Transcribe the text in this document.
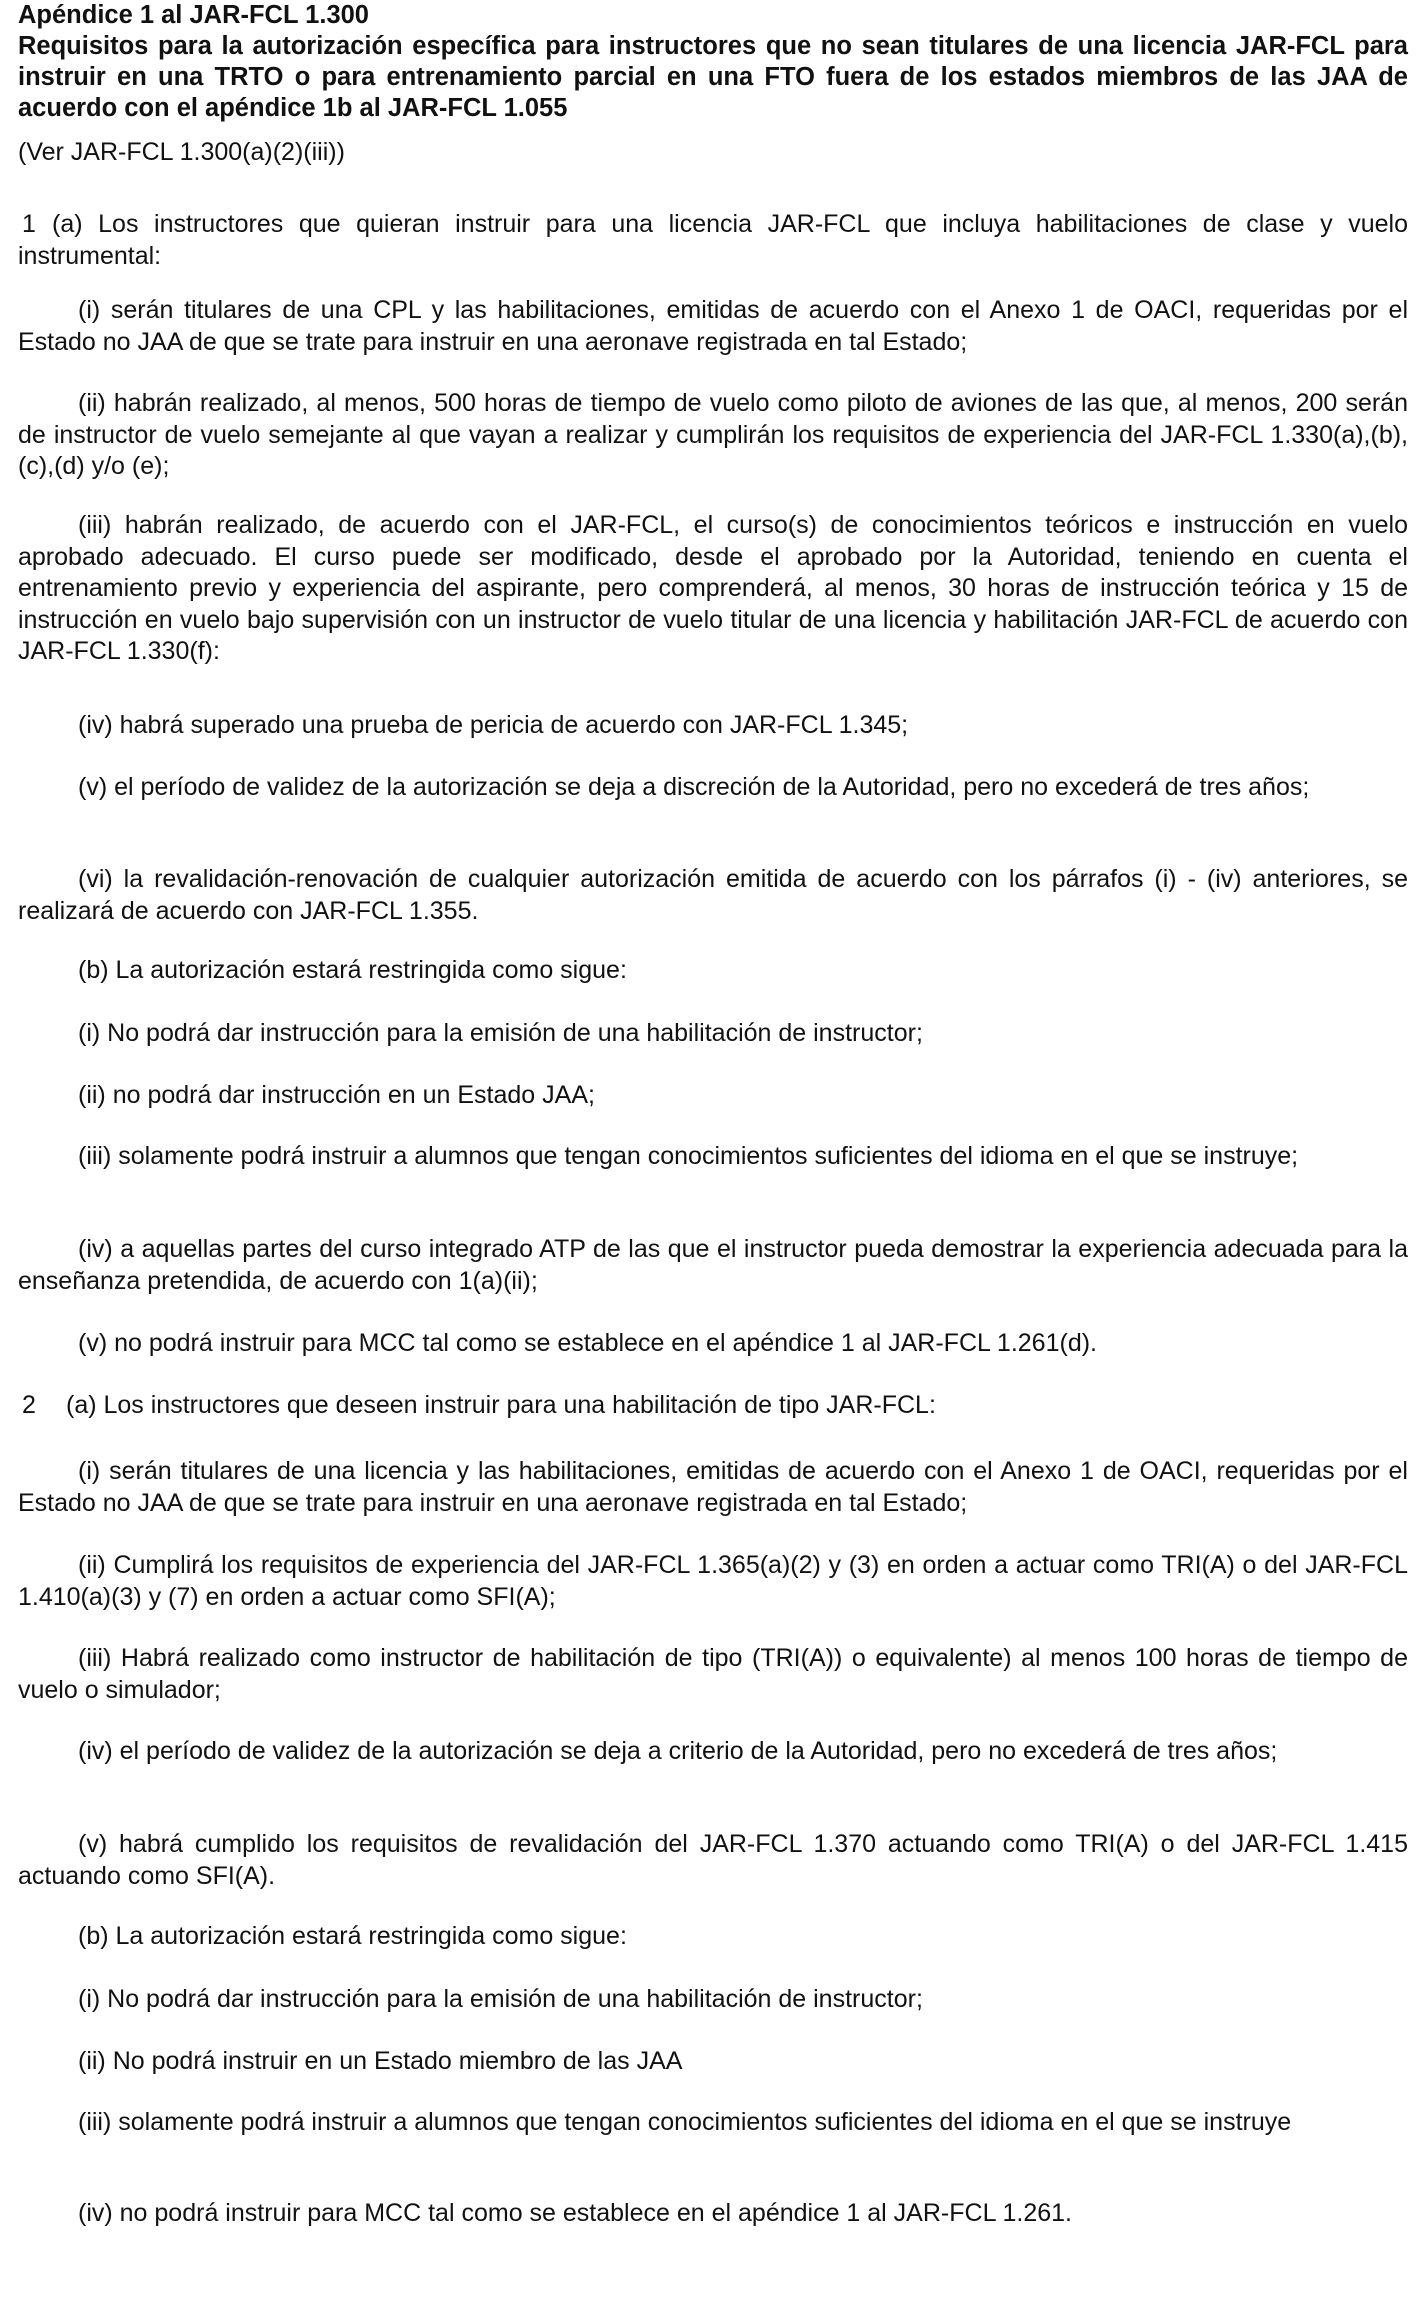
Apéndice 1 al JAR-FCL 1.300
Requisitos para la autorización específica para instructores que no sean titulares de una licencia JAR-FCL para instruir en una TRTO o para entrenamiento parcial en una FTO fuera de los estados miembros de las JAA de acuerdo con el apéndice 1b al JAR-FCL 1.055
(Ver JAR-FCL 1.300(a)(2)(iii))
1 (a) Los instructores que quieran instruir para una licencia JAR-FCL que incluya habilitaciones de clase y vuelo instrumental:
(i) serán titulares de una CPL y las habilitaciones, emitidas de acuerdo con el Anexo 1 de OACI, requeridas por el Estado no JAA de que se trate para instruir en una aeronave registrada en tal Estado;
(ii) habrán realizado, al menos, 500 horas de tiempo de vuelo como piloto de aviones de las que, al menos, 200 serán de instructor de vuelo semejante al que vayan a realizar y cumplirán los requisitos de experiencia del JAR-FCL 1.330(a),(b),(c),(d) y/o (e);
(iii) habrán realizado, de acuerdo con el JAR-FCL, el curso(s) de conocimientos teóricos e instrucción en vuelo aprobado adecuado. El curso puede ser modificado, desde el aprobado por la Autoridad, teniendo en cuenta el entrenamiento previo y experiencia del aspirante, pero comprenderá, al menos, 30 horas de instrucción teórica y 15 de instrucción en vuelo bajo supervisión con un instructor de vuelo titular de una licencia y habilitación JAR-FCL de acuerdo con JAR-FCL 1.330(f):
(iv) habrá superado una prueba de pericia de acuerdo con JAR-FCL 1.345;
(v) el período de validez de la autorización se deja a discreción de la Autoridad, pero no excederá de tres años;
(vi) la revalidación-renovación de cualquier autorización emitida de acuerdo con los párrafos (i) - (iv) anteriores, se realizará de acuerdo con JAR-FCL 1.355.
(b) La autorización estará restringida como sigue:
(i) No podrá dar instrucción para la emisión de una habilitación de instructor;
(ii) no podrá dar instrucción en un Estado JAA;
(iii) solamente podrá instruir a alumnos que tengan conocimientos suficientes del idioma en el que se instruye;
(iv) a aquellas partes del curso integrado ATP de las que el instructor pueda demostrar la experiencia adecuada para la enseñanza pretendida, de acuerdo con 1(a)(ii);
(v) no podrá instruir para MCC tal como se establece en el apéndice 1 al JAR-FCL 1.261(d).
2 (a) Los instructores que deseen instruir para una habilitación de tipo JAR-FCL:
(i) serán titulares de una licencia y las habilitaciones, emitidas de acuerdo con el Anexo 1 de OACI, requeridas por el Estado no JAA de que se trate para instruir en una aeronave registrada en tal Estado;
(ii) Cumplirá los requisitos de experiencia del JAR-FCL 1.365(a)(2) y (3) en orden a actuar como TRI(A) o del JAR-FCL 1.410(a)(3) y (7) en orden a actuar como SFI(A);
(iii) Habrá realizado como instructor de habilitación de tipo (TRI(A)) o equivalente) al menos 100 horas de tiempo de vuelo o simulador;
(iv) el período de validez de la autorización se deja a criterio de la Autoridad, pero no excederá de tres años;
(v) habrá cumplido los requisitos de revalidación del JAR-FCL 1.370 actuando como TRI(A) o del JAR-FCL 1.415 actuando como SFI(A).
(b) La autorización estará restringida como sigue:
(i) No podrá dar instrucción para la emisión de una habilitación de instructor;
(ii) No podrá instruir en un Estado miembro de las JAA
(iii) solamente podrá instruir a alumnos que tengan conocimientos suficientes del idioma en el que se instruye
(iv) no podrá instruir para MCC tal como se establece en el apéndice 1 al JAR-FCL 1.261.
